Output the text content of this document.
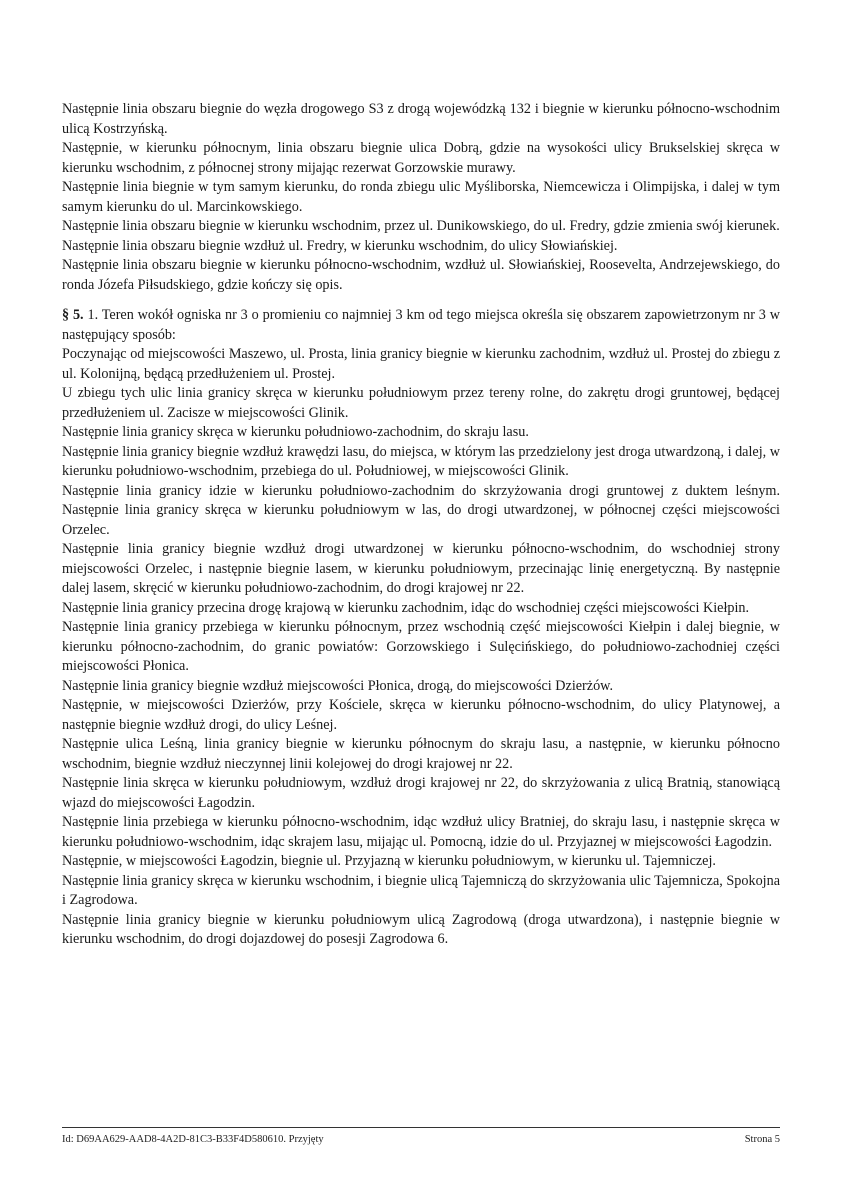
Następnie linia obszaru biegnie do węzła drogowego S3 z drogą wojewódzką 132 i biegnie w kierunku północno-wschodnim ulicą Kostrzyńską.

Następnie, w kierunku północnym, linia obszaru biegnie ulica Dobrą, gdzie na wysokości ulicy Brukselskiej skręca w kierunku wschodnim, z północnej strony mijając rezerwat Gorzowskie murawy.

Następnie linia biegnie w tym samym kierunku, do ronda zbiegu ulic Myśliborska, Niemcewicza i Olimpijska, i dalej w tym samym kierunku do ul. Marcinkowskiego.

Następnie linia obszaru biegnie w kierunku wschodnim, przez ul. Dunikowskiego, do ul. Fredry, gdzie zmienia swój kierunek.

Następnie linia obszaru biegnie wzdłuż ul. Fredry, w kierunku wschodnim, do ulicy Słowiańskiej.

Następnie linia obszaru biegnie w kierunku północno-wschodnim, wzdłuż ul. Słowiańskiej, Roosevelta, Andrzejewskiego, do ronda Józefa Piłsudskiego, gdzie kończy się opis.

§ 5. 1. Teren wokół ogniska nr 3 o promieniu co najmniej 3 km od tego miejsca określa się obszarem zapowietrzonym nr 3 w następujący sposób:

Poczynając od miejscowości Maszewo, ul. Prosta, linia granicy biegnie w kierunku zachodnim, wzdłuż ul. Prostej do zbiegu z ul. Kolonijną, będącą przedłużeniem ul. Prostej.

U zbiegu tych ulic linia granicy skręca w kierunku południowym przez tereny rolne, do zakrętu drogi gruntowej, będącej przedłużeniem ul. Zacisze w miejscowości Glinik.

Następnie linia granicy skręca w kierunku południowo-zachodnim, do skraju lasu.

Następnie linia granicy biegnie wzdłuż krawędzi lasu, do miejsca, w którym las przedzielony jest droga utwardzoną, i dalej, w kierunku południowo-wschodnim, przebiega do ul. Południowej, w miejscowości Glinik.

Następnie linia granicy idzie w kierunku południowo-zachodnim do skrzyżowania drogi gruntowej z duktem leśnym. Następnie linia granicy skręca w kierunku południowym w las, do drogi utwardzonej, w północnej części miejscowości Orzelec.

Następnie linia granicy biegnie wzdłuż drogi utwardzonej w kierunku północno-wschodnim, do wschodniej strony miejscowości Orzelec, i następnie biegnie lasem, w kierunku południowym, przecinając linię energetyczną. By następnie dalej lasem, skręcić w kierunku południowo-zachodnim, do drogi krajowej nr 22.

Następnie linia granicy przecina drogę krajową w kierunku zachodnim, idąc do wschodniej części miejscowości Kiełpin.

Następnie linia granicy przebiega w kierunku północnym, przez wschodnią część miejscowości Kiełpin i dalej biegnie, w kierunku północno-zachodnim, do granic powiatów: Gorzowskiego i Sulęcińskiego, do południowo-zachodniej części miejscowości Płonica.

Następnie linia granicy biegnie wzdłuż miejscowości Płonica, drogą, do miejscowości Dzierżów.

Następnie, w miejscowości Dzierżów, przy Kościele, skręca w kierunku północno-wschodnim, do ulicy Platynowej, a następnie biegnie wzdłuż drogi, do ulicy Leśnej.

Następnie ulica Leśną, linia granicy biegnie w kierunku północnym do skraju lasu, a następnie, w kierunku północno wschodnim, biegnie wzdłuż nieczynnej linii kolejowej do drogi krajowej nr 22.

Następnie linia skręca w kierunku południowym, wzdłuż drogi krajowej nr 22, do skrzyżowania z ulicą Bratnią, stanowiącą wjazd do miejscowości Łagodzin.

Następnie linia przebiega w kierunku północno-wschodnim, idąc wzdłuż ulicy Bratniej, do skraju lasu, i następnie skręca w kierunku południowo-wschodnim, idąc skrajem lasu, mijając ul. Pomocną, idzie do ul. Przyjaznej w miejscowości Łagodzin.

Następnie, w miejscowości Łagodzin, biegnie ul. Przyjazną w kierunku południowym, w kierunku ul. Tajemniczej.

Następnie linia granicy skręca w kierunku wschodnim, i biegnie ulicą Tajemniczą do skrzyżowania ulic Tajemnicza, Spokojna i Zagrodowa.

Następnie linia granicy biegnie w kierunku południowym ulicą Zagrodową (droga utwardzona), i następnie biegnie w kierunku wschodnim, do drogi dojazdowej do posesji Zagrodowa 6.

Id: D69AA629-AAD8-4A2D-81C3-B33F4D580610. Przyjęty	Strona 5
